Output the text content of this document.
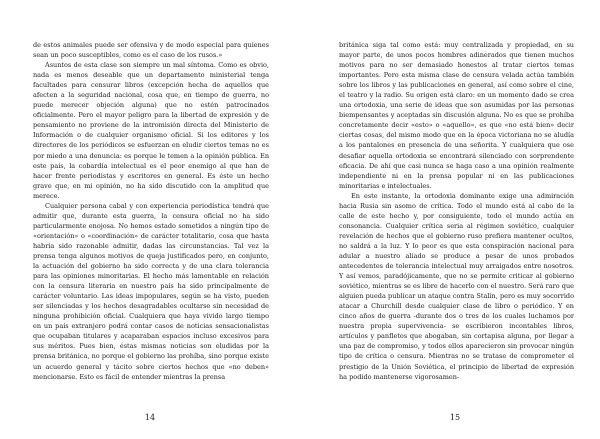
de estos animales puede ser ofensiva y de modo especial para quienes sean un poco susceptibles, como es el caso de los rusos.»

Asuntos de esta clase son siempre un mal síntoma. Como es obvio, nada es menos deseable que un departamento ministerial tenga facultades para censurar libros (excepción hecha de aquellos que afecten a la seguridad nacional, cosa que, en tiempo de guerra, no puede merecer objeción alguna) que no estén patrocinados oficialmente. Pero el mayor peligro para la libertad de expresión y de pensamiento no proviene de la intromisión directa del Ministerio de Información o de cualquier organismo oficial. Si los editores y los directores de los periódicos se esfuerzan en eludir ciertos temas no es por miedo a una denuncia: es porque le temen a la opinión pública. En este país, la cobardía intelectual es el peor enemigo al que han de hacer frente periodistas y escritores en general. Es éste un hecho grave que, en mi opinión, no ha sido discutido con la amplitud que merece.

Cualquier persona cabal y con experiencia periodística tendrá que admitir que, durante esta guerra, la censura oficial no ha sido particularmente enojosa. No hemos estado sometidos a ningún tipo de «orientación» o «coordinación» de carácter totalitario, cosa que hasta habría sido razonable admitir, dadas las circunstancias. Tal vez la prensa tenga algunos motivos de queja justificados pero, en conjunto, la actuación del gobierno ha sido correcta y de una clara tolerancia para las opiniones minoritarias. El hecho más lamentable en relación con la censura literaria en nuestro país ha sido principalmente de carácter voluntario. Las ideas impopulares, según se ha visto, pueden ser silenciadas y los hechos desagradables ocultarse sin necesidad de ninguna prohibición oficial. Cualquiera que haya vivido largo tiempo en un país extranjero podrá contar casos de noticias sensacionalistas que ocupaban titulares y acaparaban espacios incluso excesivos para sus méritos. Pues bien, éstas mismas noticias son eludidas por la prensa británica, no porque el gobierno las prohíba, sino porque existe un acuerdo general y tácito sobre ciertos hechos que «no deben» mencionarse. Esto es fácil de entender mientras la prensa

14

británica siga tal como está: muy centralizada y propiedad, en su mayor parte, de unos pocos hombres adinerados que tienen muchos motivos para no ser demasiado honestos al tratar ciertos temas importantes. Pero esta misma clase de censura velada actúa también sobre los libros y las publicaciones en general, así como sobre el cine, el teatro y la radio. Su origen está claro: en un momento dado se crea una ortodoxia, una serie de ideas que son asumidas por las personas biempensantes y aceptadas sin discusión alguna. No es que se prohíba concretamente decir «esto» o «aquello», es que «no está bien» decir ciertas cosas, del mismo modo que en la época victoriana no se aludía a los pantalones en presencia de una señorita. Y cualquiera que ose desafiar aquella ortodoxia se encontrará silenciado con sorprendente eficacia. De ahí que casi nunca se haga caso a una opinión realmente independiente ni en la prensa popular ni en las publicaciones minoritarias e intelectuales.

En este instante, la ortodoxia dominante exige una admiración hacia Rusia sin asomo de crítica. Todo el mundo está al cabo de la calle de este hecho y, por consiguiente, todo el mundo actúa en consonancia. Cualquier crítica seria al régimen soviético, cualquier revelación de hechos que el gobierno ruso prefiera mantener ocultos, no saldrá a la luz. Y lo peor es que esta conspiración nacional para adular a nuestro aliado se produce a pesar de unos probados antecedentes de tolerancia intelectual muy arraigados entre nosotros. Y así vemos, paradójicamente, que no se permite criticar al gobierno soviético, mientras se es libre de hacerlo con el nuestro. Será raro que alguien pueda publicar un ataque contra Stalin, pero es muy socorrido atacar a Churchill desde cualquier clase de libro o periódico. Y en cinco años de guerra -durante dos o tres de los cuales luchamos por nuestra propia supervivencia- se escribieron incontables libros, artículos y panfletos que abogaban, sin cortapisa alguna, por llegar a una paz de compromiso, y todos ellos aparecieron sin provocar ningún tipo de crítica o censura. Mientras no se tratase de comprometer el prestigio de la Unión Soviética, el principio de libertad de expresión ha podido mantenerse vigorosamen-

15
